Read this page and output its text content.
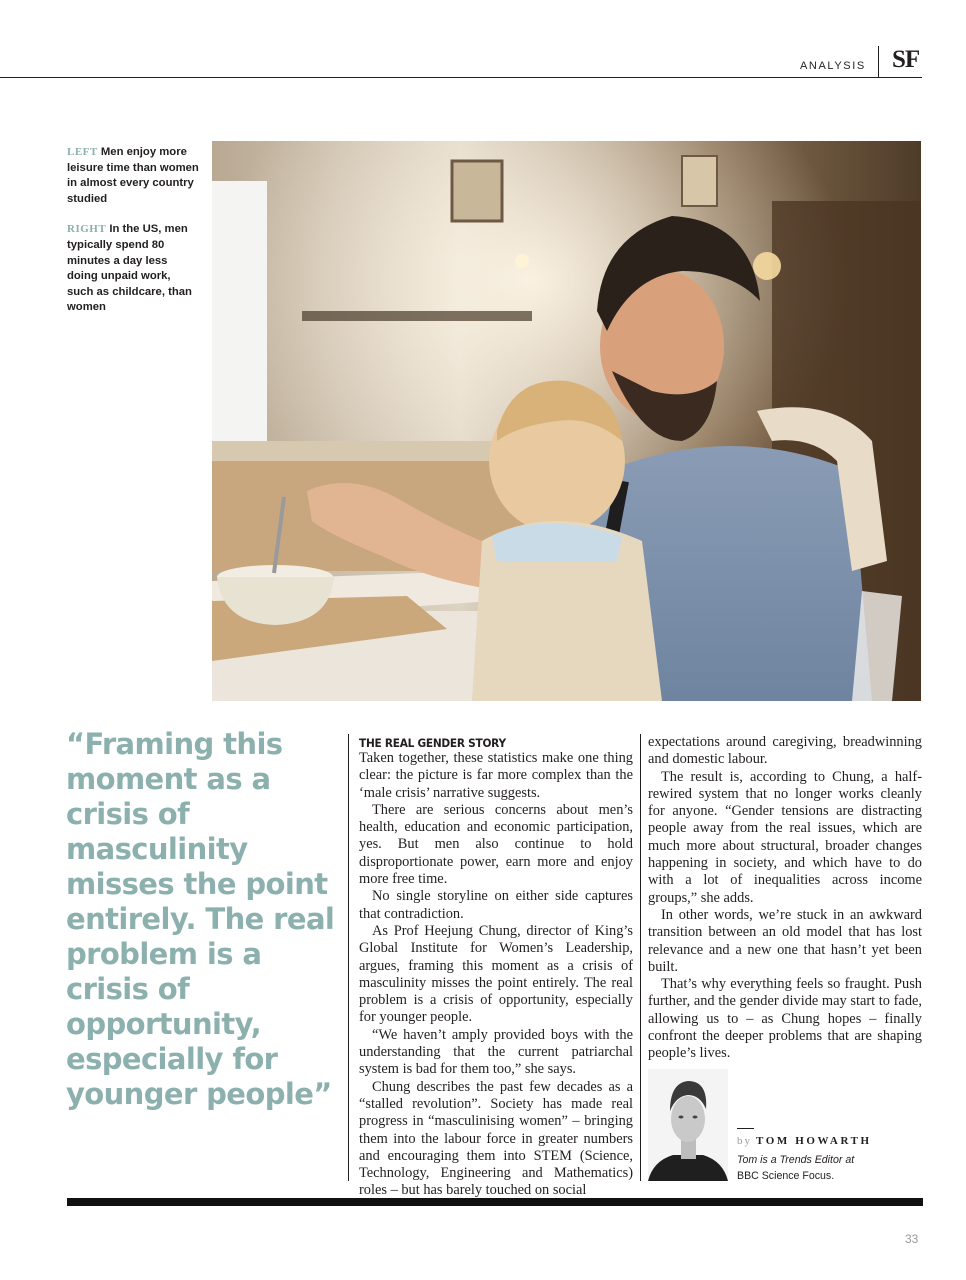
ANALYSIS SF
LEFT Men enjoy more leisure time than women in almost every country studied
RIGHT In the US, men typically spend 80 minutes a day less doing unpaid work, such as childcare, than women
“Framing this moment as a crisis of masculinity misses the point entirely. The real problem is a crisis of opportunity, especially for younger people”
THE REAL GENDER STORY

Taken together, these statistics make one thing clear: the picture is far more complex than the ‘male crisis’ narrative suggests.

There are serious concerns about men’s health, education and economic participation, yes. But men also continue to hold disproportionate power, earn more and enjoy more free time.

No single storyline on either side captures that contradiction.

As Prof Heejung Chung, director of King’s Global Institute for Women’s Leadership, argues, framing this moment as a crisis of masculinity misses the point entirely. The real problem is a crisis of opportunity, especially for younger people.

“We haven’t amply provided boys with the understanding that the current patriarchal system is bad for them too,” she says.

Chung describes the past few decades as a “stalled revolution”. Society has made real progress in “masculinising women” – bringing them into the labour force in greater numbers and encouraging them into STEM (Science, Technology, Engineering and Mathematics) roles – but has barely touched on social

expectations around caregiving, breadwinning and domestic labour.

The result is, according to Chung, a half-rewired system that no longer works cleanly for anyone. “Gender tensions are distracting people away from the real issues, which are much more about structural, broader changes happening in society, and which have to do with a lot of inequalities across income groups,” she adds.

In other words, we’re stuck in an awkward transition between an old model that has lost relevance and a new one that hasn’t yet been built.

That’s why everything feels so fraught. Push further, and the gender divide may start to fade, allowing us to – as Chung hopes – finally confront the deeper problems that are shaping people’s lives.

by TOM HOWARTH
Tom is a Trends Editor at
BBC Science Focus.
33
